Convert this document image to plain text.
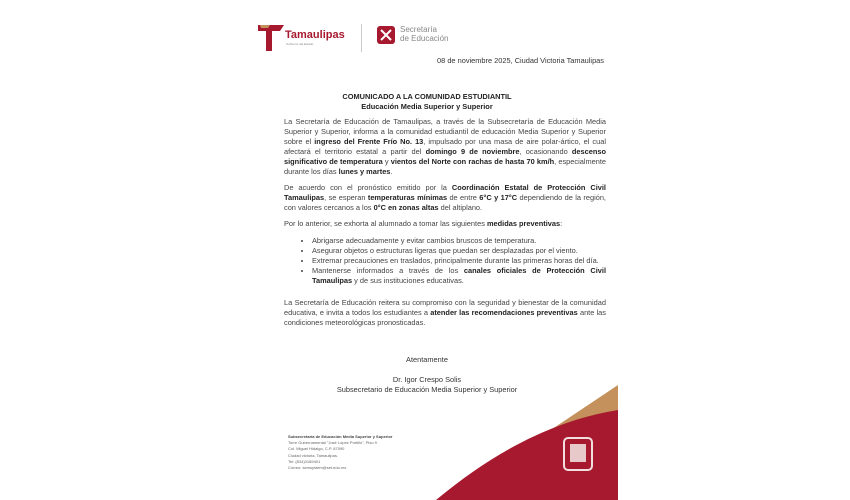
Tamaulipas
Gobierno del Estado
Secretaría
de Educación
08 de noviembre 2025, Ciudad Victoria Tamaulipas
COMUNICADO A LA COMUNIDAD ESTUDIANTIL
Educación Media Superior y Superior
La Secretaría de Educación de Tamaulipas, a través de la Subsecretaría de Educación Media Superior y Superior, informa a la comunidad estudiantil de educación Media Superior y Superior sobre el ingreso del Frente Frío No. 13, impulsado por una masa de aire polar-ártico, el cual afectará el territorio estatal a partir del domingo 9 de noviembre, ocasionando descenso significativo de temperatura y vientos del Norte con rachas de hasta 70 km/h, especialmente durante los días lunes y martes.
De acuerdo con el pronóstico emitido por la Coordinación Estatal de Protección Civil Tamaulipas, se esperan temperaturas mínimas de entre 6°C y 17°C dependiendo de la región, con valores cercanos a los 0°C en zonas altas del altiplano.
Por lo anterior, se exhorta al alumnado a tomar las siguientes medidas preventivas:
• Abrigarse adecuadamente y evitar cambios bruscos de temperatura.
• Asegurar objetos o estructuras ligeras que puedan ser desplazadas por el viento.
• Extremar precauciones en traslados, principalmente durante las primeras horas del día.
• Mantenerse informados a través de los canales oficiales de Protección Civil Tamaulipas y de sus instituciones educativas.
La Secretaría de Educación reitera su compromiso con la seguridad y bienestar de la comunidad educativa, e invita a todos los estudiantes a atender las recomendaciones preventivas ante las condiciones meteorológicas pronosticadas.
Atentamente
Dr. Igor Crespo Solis
Subsecretario de Educación Media Superior y Superior
Subsecretaría de Educación Media Superior y Superior
Torre Gubernamental "José López Portillo", Piso 9
Col. Miguel Hidalgo, C.P. 87090
Ciudad victoria, Tamaulipas.
Tel: (834)3189401
Correo: semsystem@set.edu.mx
